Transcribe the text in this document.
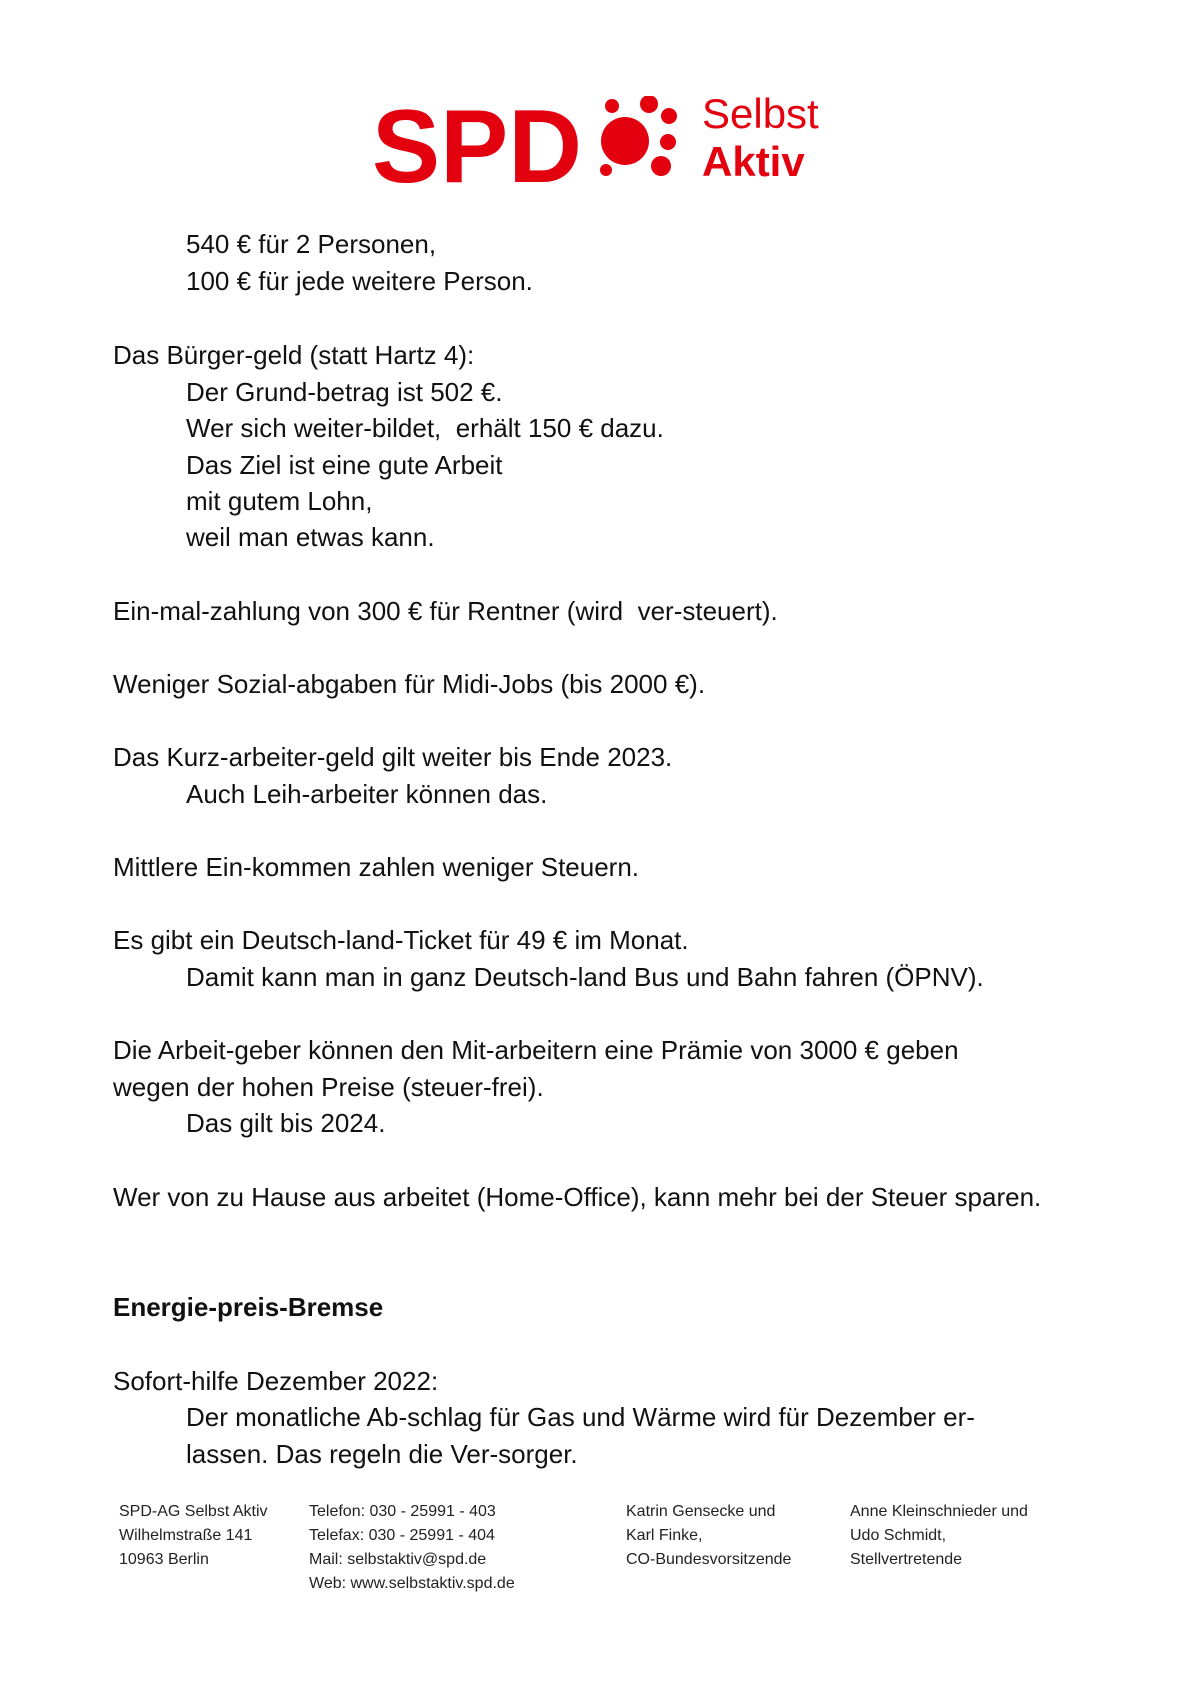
SPD	Selbst
Aktiv
540 € für 2 Personen,
100 € für jede weitere Person.
Das Bürger-geld (statt Hartz 4):
Der Grund-betrag ist 502 €.
Wer sich weiter-bildet,  erhält 150 € dazu.
Das Ziel ist eine gute Arbeit
mit gutem Lohn,
weil man etwas kann.
Ein-mal-zahlung von 300 € für Rentner (wird  ver-steuert).
Weniger Sozial-abgaben für Midi-Jobs (bis 2000 €).
Das Kurz-arbeiter-geld gilt weiter bis Ende 2023.
Auch Leih-arbeiter können das.
Mittlere Ein-kommen zahlen weniger Steuern.
Es gibt ein Deutsch-land-Ticket für 49 € im Monat.
Damit kann man in ganz Deutsch-land Bus und Bahn fahren (ÖPNV).
Die Arbeit-geber können den Mit-arbeitern eine Prämie von 3000 € geben
wegen der hohen Preise (steuer-frei).
Das gilt bis 2024.
Wer von zu Hause aus arbeitet (Home-Office), kann mehr bei der Steuer sparen.
Energie-preis-Bremse
Sofort-hilfe Dezember 2022:
Der monatliche Ab-schlag für Gas und Wärme wird für Dezember er-
lassen. Das regeln die Ver-sorger.
SPD-AG Selbst Aktiv
Wilhelmstraße 141
10963 Berlin
Telefon: 030 - 25991 - 403
Telefax: 030 - 25991 - 404
Mail: selbstaktiv@spd.de
Web: www.selbstaktiv.spd.de
Katrin Gensecke und
Karl Finke,
CO-Bundesvorsitzende
Anne Kleinschnieder und
Udo Schmidt,
Stellvertretende
